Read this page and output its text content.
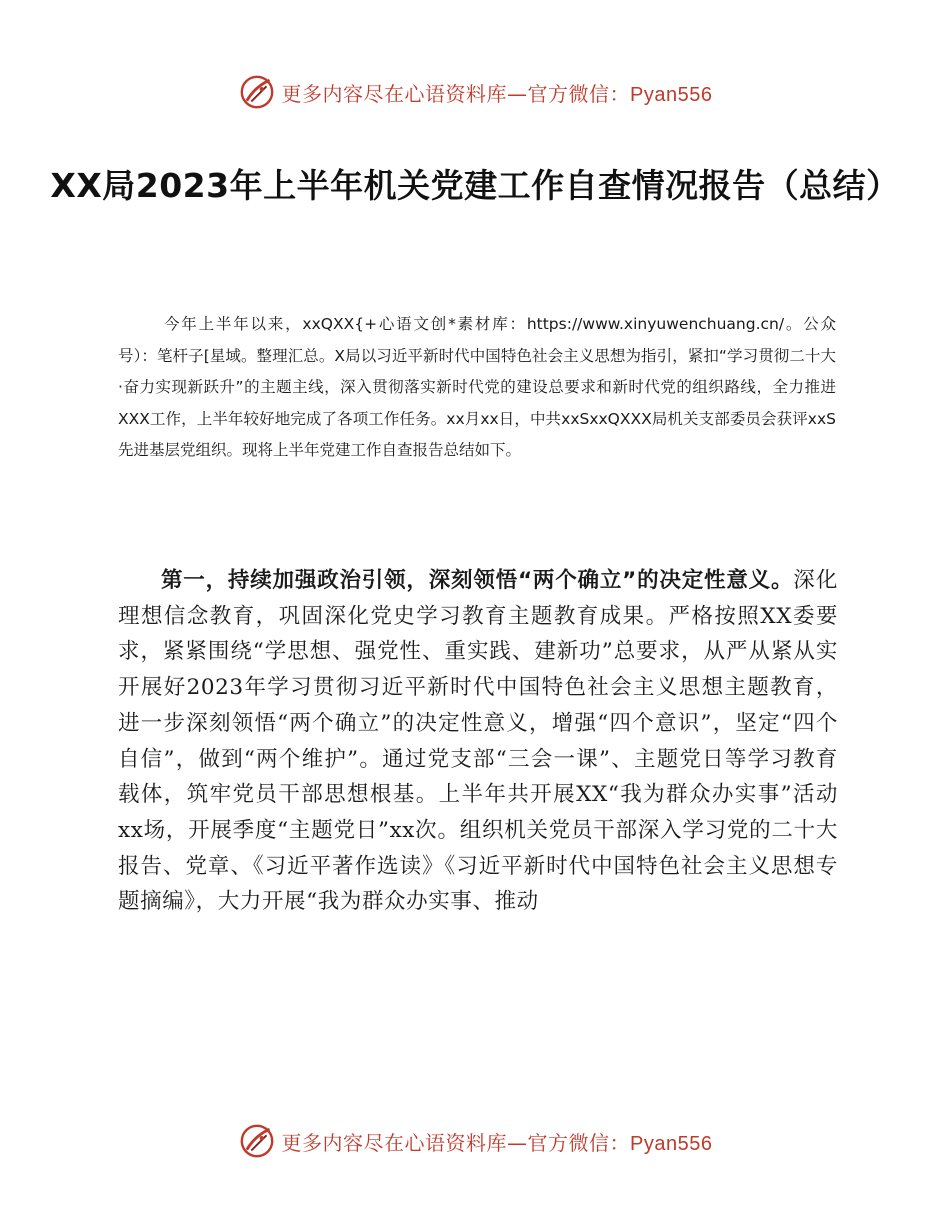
更多内容尽在心语资料库—官方微信：Pyan556
XX局2023年上半年机关党建工作自查情况报告（总结）

今年上半年以来，xxQXX{+心语文创*素材库：https://www.xinyuwenchuang.cn/。公众号）：笔杆子[星域。整理汇总。X局以习近平新时代中国特色社会主义思想为指引，紧扣“学习贯彻二十大·奋力实现新跃升”的主题主线，深入贯彻落实新时代党的建设总要求和新时代党的组织路线，全力推进XXX工作，上半年较好地完成了各项工作任务。xx月xx日，中共xxSxxQXXX局机关支部委员会获评xxS先进基层党组织。现将上半年党建工作自查报告总结如下。

第一，持续加强政治引领，深刻领悟“两个确立”的决定性意义。深化理想信念教育，巩固深化党史学习教育主题教育成果。严格按照XX委要求，紧紧围绕“学思想、强党性、重实践、建新功”总要求，从严从紧从实开展好2023年学习贯彻习近平新时代中国特色社会主义思想主题教育，进一步深刻领悟“两个确立”的决定性意义，增强“四个意识”，坚定“四个自信”，做到“两个维护”。通过党支部“三会一课”、主题党日等学习教育载体，筑牢党员干部思想根基。上半年共开展XX“我为群众办实事”活动xx场，开展季度“主题党日”xx次。组织机关党员干部深入学习党的二十大报告、党章、《习近平著作选读》《习近平新时代中国特色社会主义思想专题摘编》，大力开展“我为群众办实事、推动

更多内容尽在心语资料库—官方微信：Pyan556
